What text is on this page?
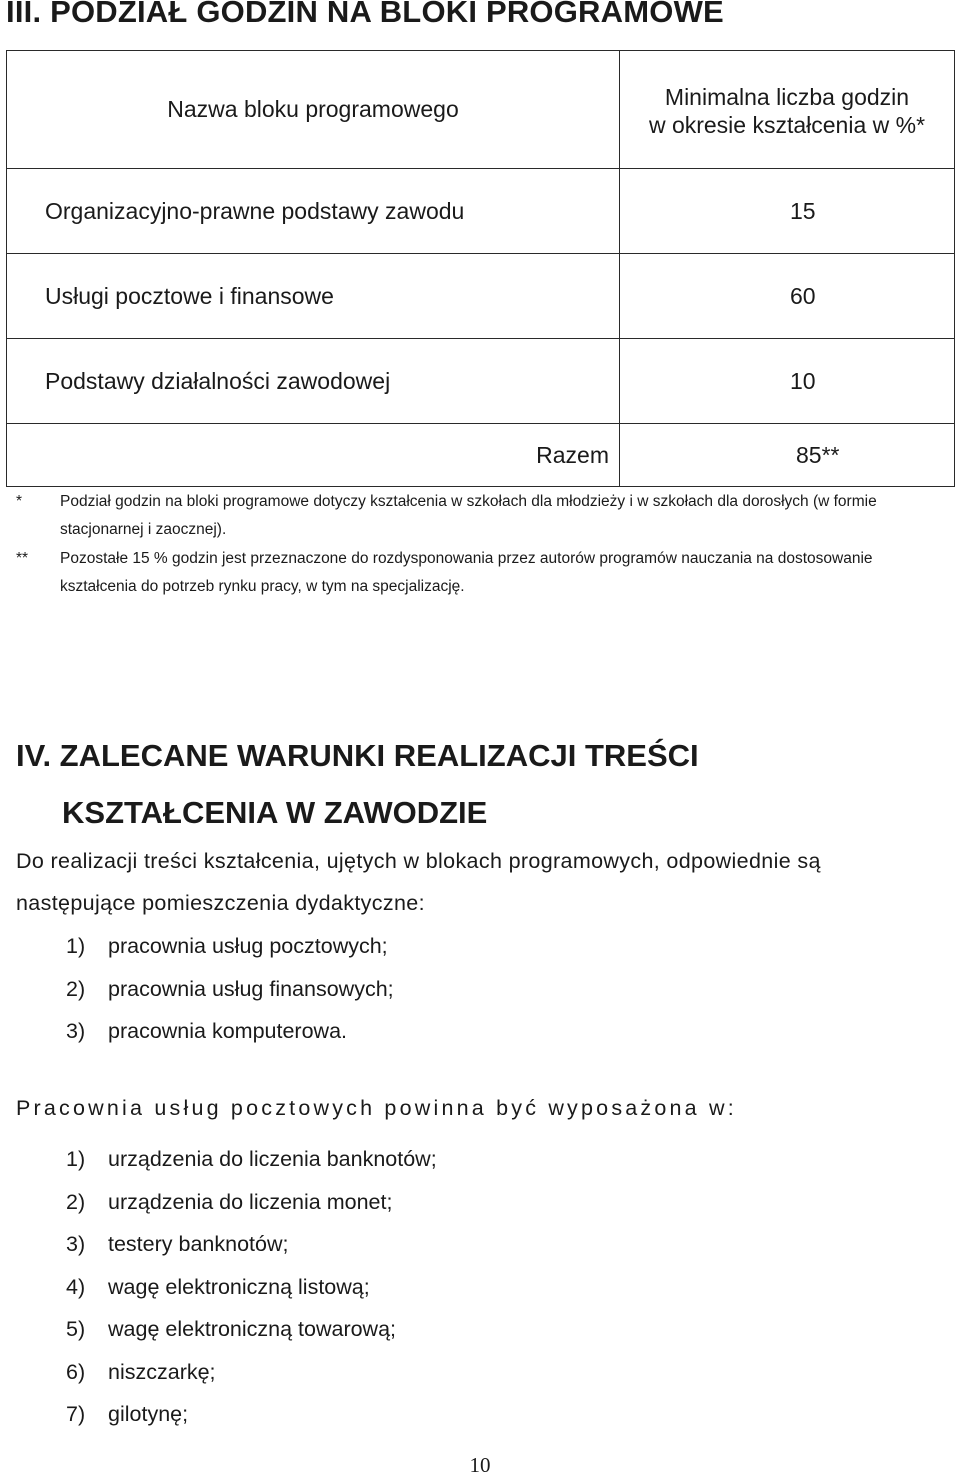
III. PODZIAŁ GODZIN NA BLOKI PROGRAMOWE
Nazwa bloku programowego	Minimalna liczba godzin
w okresie kształcenia w %*
Organizacyjno-prawne podstawy zawodu	15
Usługi pocztowe i finansowe	60
Podstawy działalności zawodowej	10
Razem	85**
* Podział godzin na bloki programowe dotyczy kształcenia w szkołach dla młodzieży i w szkołach dla dorosłych (w formie stacjonarnej i zaocznej).
** Pozostałe 15 % godzin jest przeznaczone do rozdysponowania przez autorów programów nauczania na dostosowanie kształcenia do potrzeb rynku pracy, w tym na specjalizację.
IV. ZALECANE WARUNKI REALIZACJI TREŚCI
KSZTAŁCENIA W ZAWODZIE
Do realizacji treści kształcenia, ujętych w blokach programowych, odpowiednie są następujące pomieszczenia dydaktyczne:
1) pracownia usług pocztowych;
2) pracownia usług finansowych;
3) pracownia komputerowa.
Pracownia usług pocztowych powinna być wyposażona w:
1) urządzenia do liczenia banknotów;
2) urządzenia do liczenia monet;
3) testery banknotów;
4) wagę elektroniczną listową;
5) wagę elektroniczną towarową;
6) niszczarkę;
7) gilotynę;
10
